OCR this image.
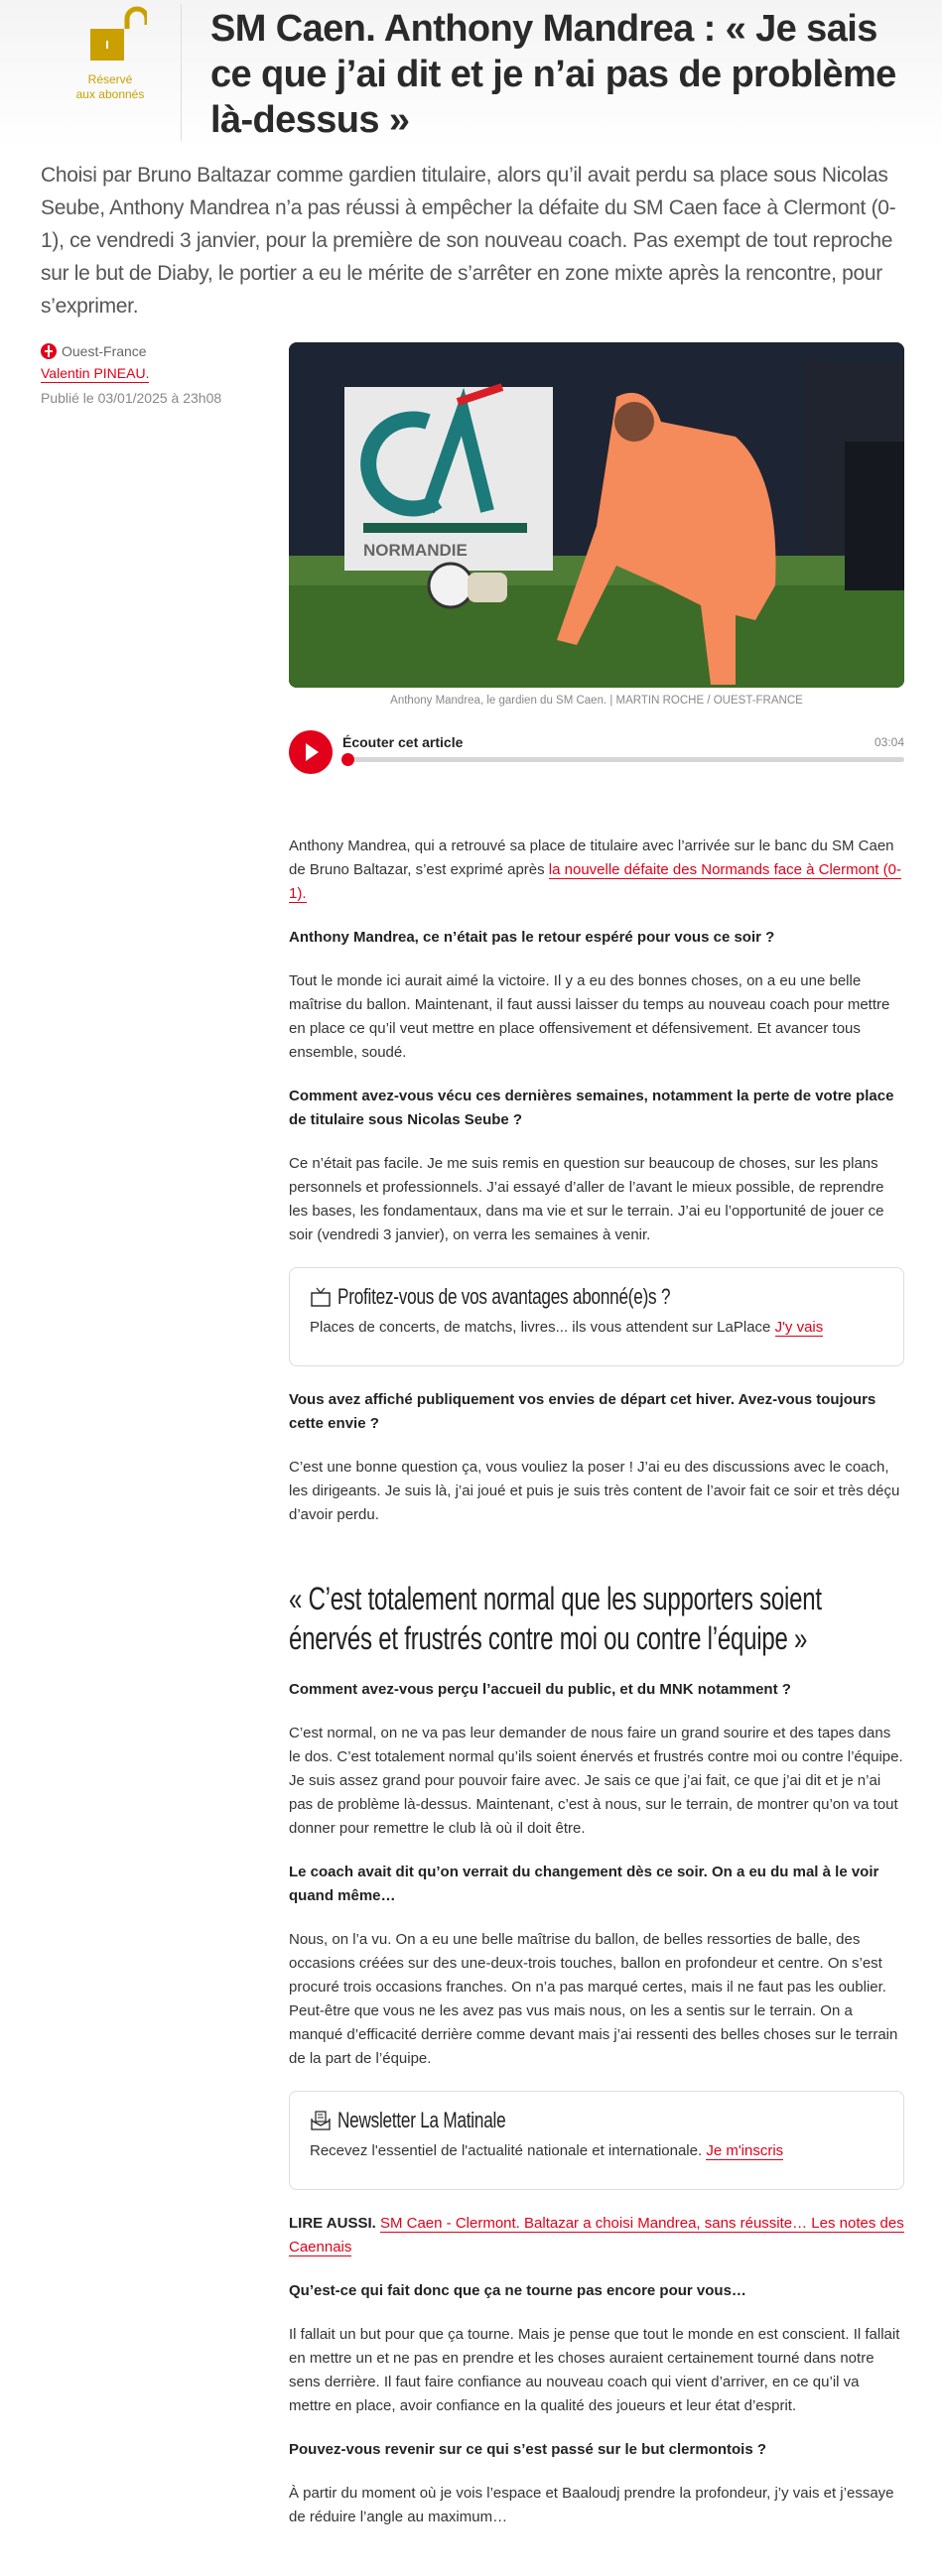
Réservé
aux abonnés
SM Caen. Anthony Mandrea : « Je sais ce que j’ai dit et je n’ai pas de problème là-dessus »

Choisi par Bruno Baltazar comme gardien titulaire, alors qu’il avait perdu sa place sous Nicolas Seube, Anthony Mandrea n’a pas réussi à empêcher la défaite du SM Caen face à Clermont (0-1), ce vendredi 3 janvier, pour la première de son nouveau coach. Pas exempt de tout reproche sur le but de Diaby, le portier a eu le mérite de s’arrêter en zone mixte après la rencontre, pour s’exprimer.

Ouest-France
Valentin PINEAU.
Publié le 03/01/2025 à 23h08
NORMANDIE
Anthony Mandrea, le gardien du SM Caen. | MARTIN ROCHE / OUEST-FRANCE
Écouter cet article	03:04

Anthony Mandrea, qui a retrouvé sa place de titulaire avec l’arrivée sur le banc du SM Caen de Bruno Baltazar, s’est exprimé après la nouvelle défaite des Normands face à Clermont (0-1).

Anthony Mandrea, ce n’était pas le retour espéré pour vous ce soir ?

Tout le monde ici aurait aimé la victoire. Il y a eu des bonnes choses, on a eu une belle maîtrise du ballon. Maintenant, il faut aussi laisser du temps au nouveau coach pour mettre en place ce qu’il veut mettre en place offensivement et défensivement. Et avancer tous ensemble, soudé.

Comment avez-vous vécu ces dernières semaines, notamment la perte de votre place de titulaire sous Nicolas Seube ?

Ce n’était pas facile. Je me suis remis en question sur beaucoup de choses, sur les plans personnels et professionnels. J’ai essayé d’aller de l’avant le mieux possible, de reprendre les bases, les fondamentaux, dans ma vie et sur le terrain. J’ai eu l’opportunité de jouer ce soir (vendredi 3 janvier), on verra les semaines à venir.

Profitez-vous de vos avantages abonné(e)s ?
Places de concerts, de matchs, livres... ils vous attendent sur LaPlace J'y vais

Vous avez affiché publiquement vos envies de départ cet hiver. Avez-vous toujours cette envie ?

C’est une bonne question ça, vous vouliez la poser ! J’ai eu des discussions avec le coach, les dirigeants. Je suis là, j’ai joué et puis je suis très content de l’avoir fait ce soir et très déçu d’avoir perdu.

« C’est totalement normal que les supporters soient énervés et frustrés contre moi ou contre l’équipe »

Comment avez-vous perçu l’accueil du public, et du MNK notamment ?

C’est normal, on ne va pas leur demander de nous faire un grand sourire et des tapes dans le dos. C’est totalement normal qu’ils soient énervés et frustrés contre moi ou contre l’équipe. Je suis assez grand pour pouvoir faire avec. Je sais ce que j’ai fait, ce que j’ai dit et je n’ai pas de problème là-dessus. Maintenant, c’est à nous, sur le terrain, de montrer qu’on va tout donner pour remettre le club là où il doit être.

Le coach avait dit qu’on verrait du changement dès ce soir. On a eu du mal à le voir quand même…

Nous, on l’a vu. On a eu une belle maîtrise du ballon, de belles ressorties de balle, des occasions créées sur des une-deux-trois touches, ballon en profondeur et centre. On s’est procuré trois occasions franches. On n’a pas marqué certes, mais il ne faut pas les oublier. Peut-être que vous ne les avez pas vus mais nous, on les a sentis sur le terrain. On a manqué d’efficacité derrière comme devant mais j’ai ressenti des belles choses sur le terrain de la part de l’équipe.

Newsletter La Matinale
Recevez l'essentiel de l'actualité nationale et internationale. Je m'inscris

LIRE AUSSI. SM Caen - Clermont. Baltazar a choisi Mandrea, sans réussite… Les notes des Caennais

Qu’est-ce qui fait donc que ça ne tourne pas encore pour vous…

Il fallait un but pour que ça tourne. Mais je pense que tout le monde en est conscient. Il fallait en mettre un et ne pas en prendre et les choses auraient certainement tourné dans notre sens derrière. Il faut faire confiance au nouveau coach qui vient d’arriver, en ce qu’il va mettre en place, avoir confiance en la qualité des joueurs et leur état d’esprit.

Pouvez-vous revenir sur ce qui s’est passé sur le but clermontois ?

À partir du moment où je vois l’espace et Baaloudj prendre la profondeur, j’y vais et j’essaye de réduire l’angle au maximum…
